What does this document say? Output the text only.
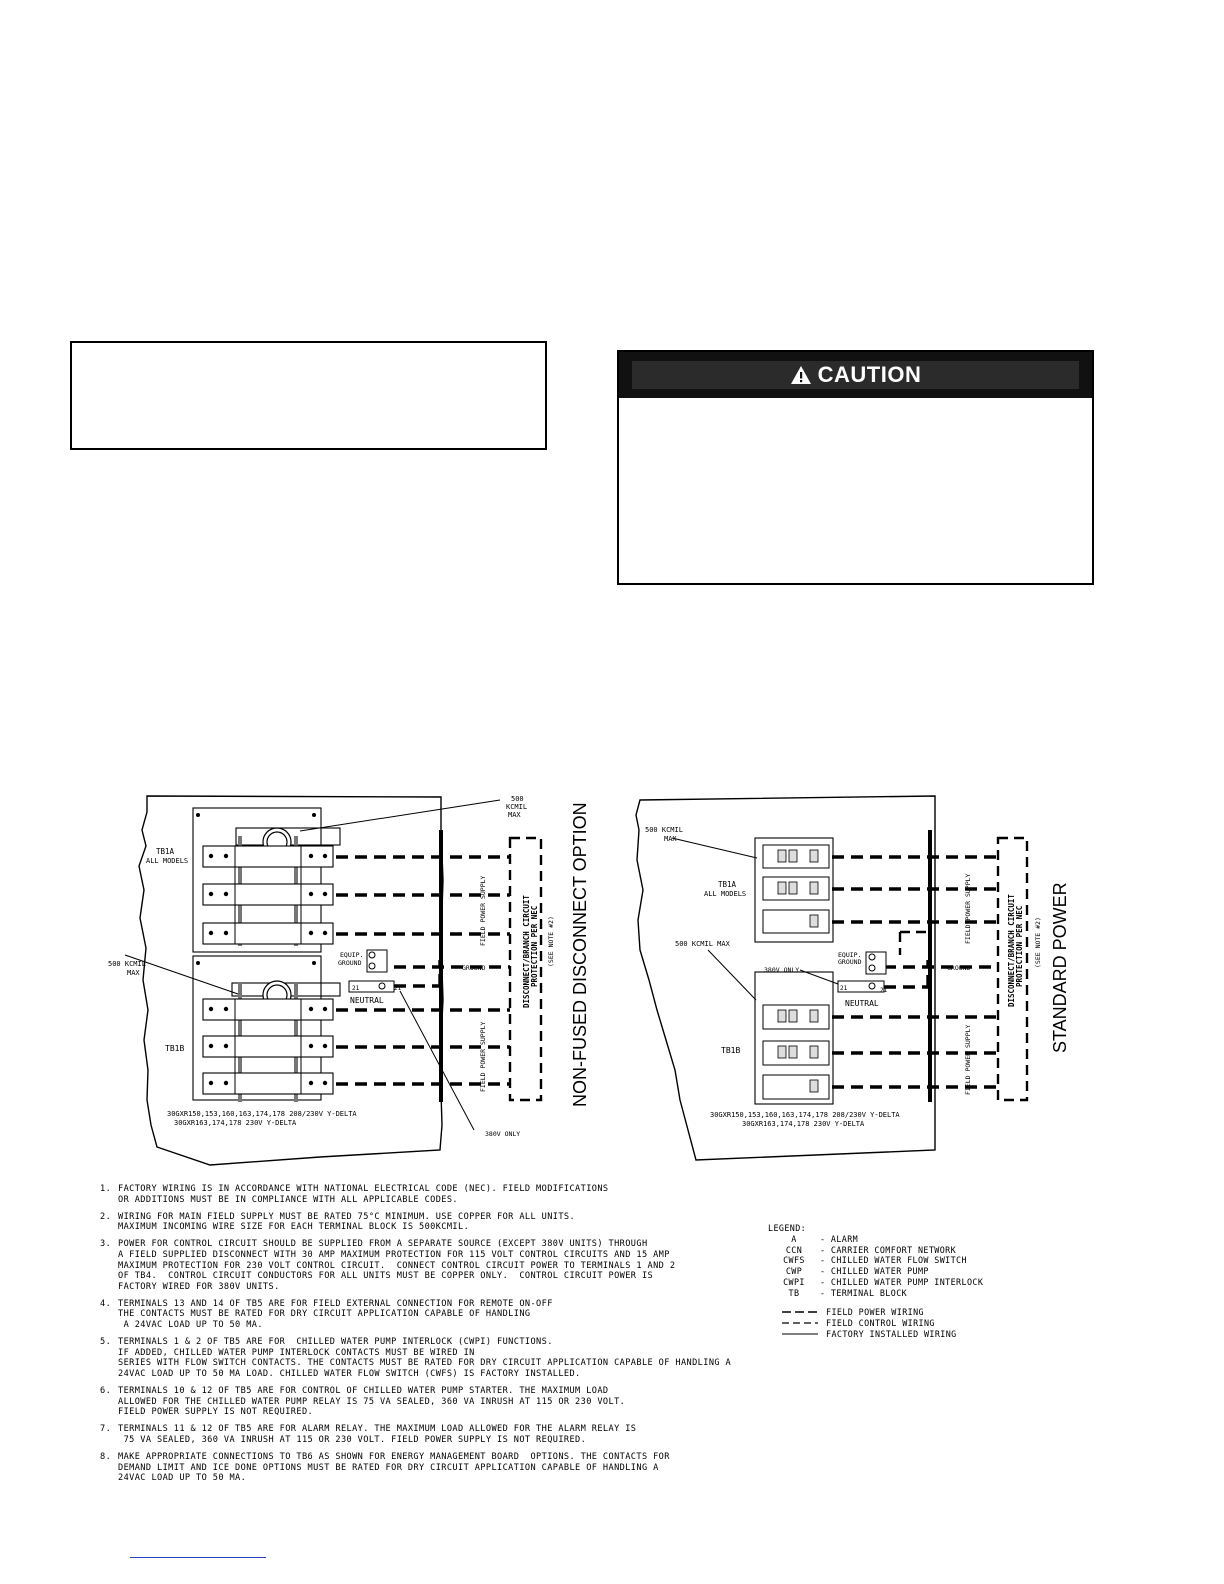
CAUTION
500
KCMIL
MAX
TB1A
ALL MODELS
500 KCMIL
MAX
TB1B
EQUIP.
GROUND
21	21
NEUTRAL
GROUND
FIELD POWER SUPPLY
FIELD POWER SUPPLY
DISCONNECT/BRANCH CIRCUIT PROTECTION PER NEC (SEE NOTE #2) NON-FUSED DISCONNECT OPTION
30GXR150,153,160,163,174,178 208/230V Y-DELTA
30GXR163,174,178 230V Y-DELTA
380V ONLY
500 KCMIL
MAX
TB1A
ALL MODELS
500 KCMIL MAX
380V ONLY
TB1B
EQUIP.
GROUND
21	21
NEUTRAL
GROUND
FIELD POWER SUPPLY
FIELD POWER SUPPLY
DISCONNECT/BRANCH CIRCUIT PROTECTION PER NEC (SEE NOTE #2) STANDARD POWER
30GXR150,153,160,163,174,178 208/230V Y-DELTA
30GXR163,174,178 230V Y-DELTA
1. FACTORY WIRING IS IN ACCORDANCE WITH NATIONAL ELECTRICAL CODE (NEC). FIELD MODIFICATIONS
OR ADDITIONS MUST BE IN COMPLIANCE WITH ALL APPLICABLE CODES.
2. WIRING FOR MAIN FIELD SUPPLY MUST BE RATED 75°C MINIMUM. USE COPPER FOR ALL UNITS.
MAXIMUM INCOMING WIRE SIZE FOR EACH TERMINAL BLOCK IS 500KCMIL.
3. POWER FOR CONTROL CIRCUIT SHOULD BE SUPPLIED FROM A SEPARATE SOURCE (EXCEPT 380V UNITS) THROUGH
A FIELD SUPPLIED DISCONNECT WITH 30 AMP MAXIMUM PROTECTION FOR 115 VOLT CONTROL CIRCUITS AND 15 AMP
MAXIMUM PROTECTION FOR 230 VOLT CONTROL CIRCUIT.  CONNECT CONTROL CIRCUIT POWER TO TERMINALS 1 AND 2
OF TB4.  CONTROL CIRCUIT CONDUCTORS FOR ALL UNITS MUST BE COPPER ONLY.  CONTROL CIRCUIT POWER IS
FACTORY WIRED FOR 380V UNITS.
4. TERMINALS 13 AND 14 OF TB5 ARE FOR FIELD EXTERNAL CONNECTION FOR REMOTE ON-OFF
THE CONTACTS MUST BE RATED FOR DRY CIRCUIT APPLICATION CAPABLE OF HANDLING
A 24VAC LOAD UP TO 50 MA.
5. TERMINALS 1 & 2 OF TB5 ARE FOR  CHILLED WATER PUMP INTERLOCK (CWPI) FUNCTIONS.
IF ADDED, CHILLED WATER PUMP INTERLOCK CONTACTS MUST BE WIRED IN
SERIES WITH FLOW SWITCH CONTACTS. THE CONTACTS MUST BE RATED FOR DRY CIRCUIT APPLICATION CAPABLE OF HANDLING A
24VAC LOAD UP TO 50 MA LOAD. CHILLED WATER FLOW SWITCH (CWFS) IS FACTORY INSTALLED.
6. TERMINALS 10 & 12 OF TB5 ARE FOR CONTROL OF CHILLED WATER PUMP STARTER. THE MAXIMUM LOAD
ALLOWED FOR THE CHILLED WATER PUMP RELAY IS 75 VA SEALED, 360 VA INRUSH AT 115 OR 230 VOLT.
FIELD POWER SUPPLY IS NOT REQUIRED.
7. TERMINALS 11 & 12 OF TB5 ARE FOR ALARM RELAY. THE MAXIMUM LOAD ALLOWED FOR THE ALARM RELAY IS
75 VA SEALED, 360 VA INRUSH AT 115 OR 230 VOLT. FIELD POWER SUPPLY IS NOT REQUIRED.
8. MAKE APPROPRIATE CONNECTIONS TO TB6 AS SHOWN FOR ENERGY MANAGEMENT BOARD  OPTIONS. THE CONTACTS FOR
DEMAND LIMIT AND ICE DONE OPTIONS MUST BE RATED FOR DRY CIRCUIT APPLICATION CAPABLE OF HANDLING A
24VAC LOAD UP TO 50 MA.
LEGEND:
A	- ALARM
CCN	- CARRIER COMFORT NETWORK
CWFS	- CHILLED WATER FLOW SWITCH
CWP	- CHILLED WATER PUMP
CWPI	- CHILLED WATER PUMP INTERLOCK
TB	- TERMINAL BLOCK
FIELD POWER WIRING
FIELD CONTROL WIRING
FACTORY INSTALLED WIRING
